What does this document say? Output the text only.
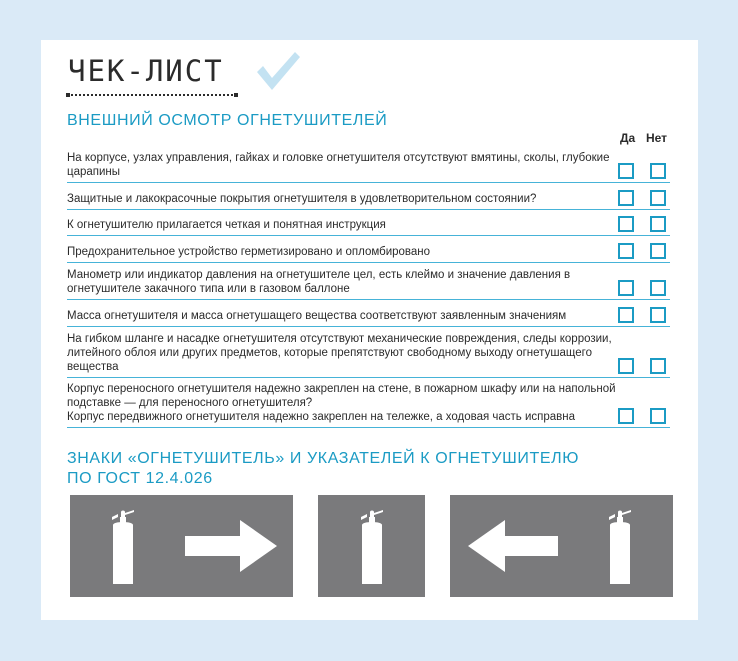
ЧЕК-ЛИСТ
ВНЕШНИЙ ОСМОТР ОГНЕТУШИТЕЛЕЙ
Да Нет
На корпусе, узлах управления, гайках и головке огнетушителя отсутствуют вмятины, сколы, глубокие царапины
Защитные и лакокрасочные покрытия огнетушителя в удовлетворительном состоянии?
К огнетушителю прилагается четкая и понятная инструкция
Предохранительное устройство герметизировано и опломбировано
Манометр или индикатор давления на огнетушителе цел, есть клеймо и значение давления в огнетушителе закачного типа или в газовом баллоне
Масса огнетушителя и масса огнетушащего вещества соответствуют заявленным значениям
На гибком шланге и насадке огнетушителя отсутствуют механические повреждения, следы коррозии, литейного облоя или других предметов, которые препятствуют свободному выходу огнетушащего вещества
Корпус переносного огнетушителя надежно закреплен на стене, в пожарном шкафу или на напольной подставке — для переносного огнетушителя?
Корпус передвижного огнетушителя надежно закреплен на тележке, а ходовая часть исправна
ЗНАКИ «ОГНЕТУШИТЕЛЬ» И УКАЗАТЕЛЕЙ К ОГНЕТУШИТЕЛЮ
ПО ГОСТ 12.4.026
